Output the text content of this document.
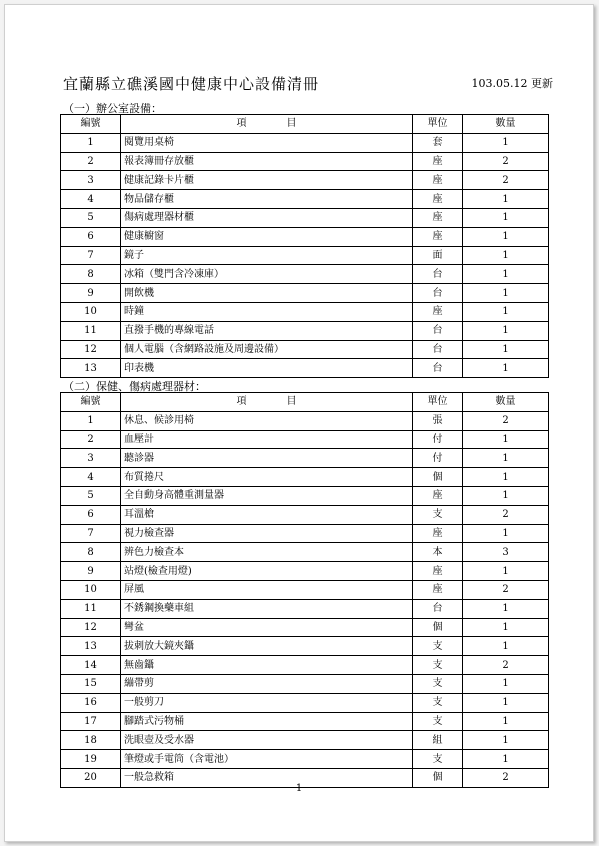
宜蘭縣立礁溪國中健康中心設備清冊	103.05.12 更新
（一）辦公室設備：
編號	項　　　　目	單位	數量
1	閱覽用桌椅	套	1
2	報表簿冊存放櫃	座	2
3	健康記錄卡片櫃	座	2
4	物品儲存櫃	座	1
5	傷病處理器材櫃	座	1
6	健康櫥窗	座	1
7	鏡子	面	1
8	冰箱（雙門含冷凍庫）	台	1
9	開飲機	台	1
10	時鐘	座	1
11	直撥手機的專線電話	台	1
12	個人電腦（含網路設施及周邊設備）	台	1
13	印表機	台	1
（二）保健、傷病處理器材：
編號	項　　　　目	單位	數量
1	休息、候診用椅	張	2
2	血壓計	付	1
3	聽診器	付	1
4	布質捲尺	個	1
5	全自動身高體重測量器	座	1
6	耳溫槍	支	2
7	視力檢查器	座	1
8	辨色力檢查本	本	3
9	站燈(檢查用燈)	座	1
10	屏風	座	2
11	不銹鋼換藥車組	台	1
12	彎盆	個	1
13	拔刺放大鏡夾鑷	支	1
14	無齒鑷	支	2
15	繃帶剪	支	1
16	一般剪刀	支	1
17	腳踏式污物桶	支	1
18	洗眼壺及受水器	組	1
19	筆燈或手電筒（含電池）	支	1
20	一般急救箱	個	2
1
